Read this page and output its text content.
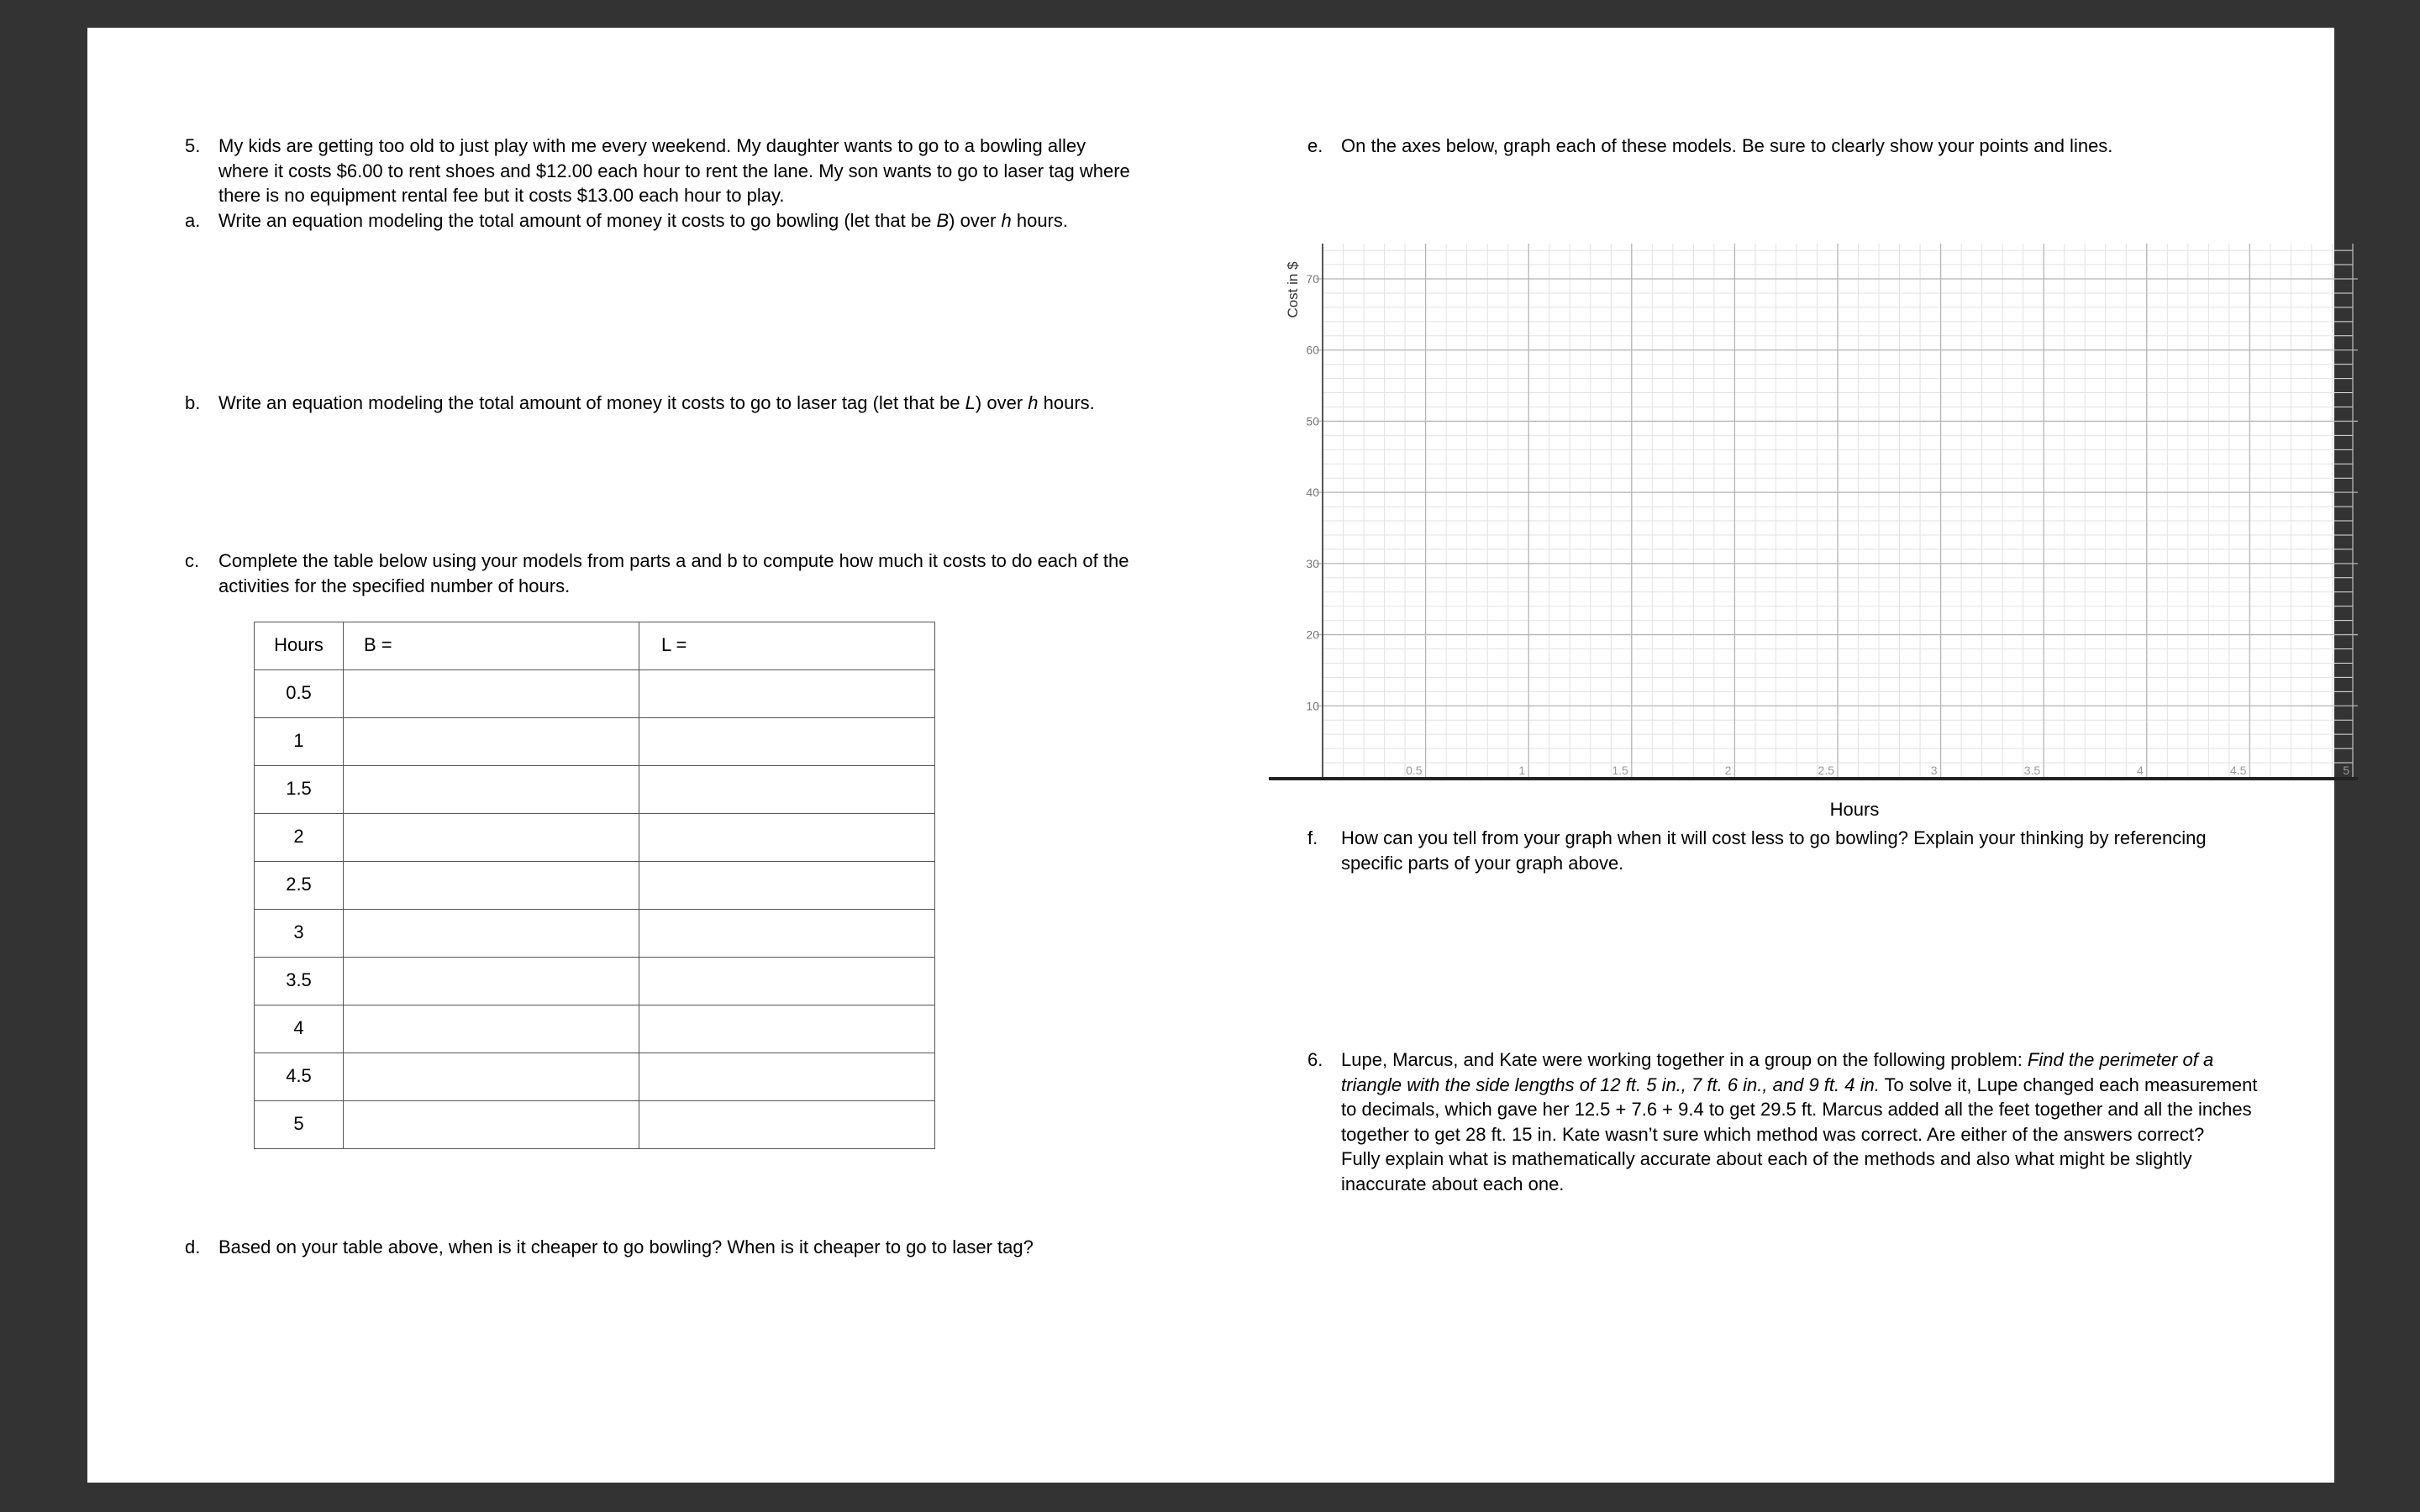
5. My kids are getting too old to just play with me every weekend. My daughter wants to go to a bowling alley
where it costs $6.00 to rent shoes and $12.00 each hour to rent the lane. My son wants to go to laser tag where
there is no equipment rental fee but it costs $13.00 each hour to play.
a. Write an equation modeling the total amount of money it costs to go bowling (let that be B) over h hours.
b. Write an equation modeling the total amount of money it costs to go to laser tag (let that be L) over h hours.
c.	Complete the table below using your models from parts a and b to compute how much it costs to do each of the
activities for the specified number of hours.
Hours	B =	L =

0.5		

1		

1.5		

2		

2.5		

3		

3.5		

4		

4.5		

5		

d. Based on your table above, when is it cheaper to go bowling? When is it cheaper to go to laser tag?
e. On the axes below, graph each of these models. Be sure to clearly show your points and lines.
10
20
30
40
50
60
70
0.5	1	1.5	2	2.5	3	3.5	4	4.5	5
Cost in $
Hours
f.	How can you tell from your graph when it will cost less to go bowling? Explain your thinking by referencing
specific parts of your graph above.
6. Lupe, Marcus, and Kate were working together in a group on the following problem: Find the perimeter of a
triangle with the side lengths of 12 ft. 5 in., 7 ft. 6 in., and 9 ft. 4 in. To solve it, Lupe changed each measurement
to decimals, which gave her 12.5 + 7.6 + 9.4 to get 29.5 ft. Marcus added all the feet together and all the inches
together to get 28 ft. 15 in. Kate wasn’t sure which method was correct. Are either of the answers correct?
Fully explain what is mathematically accurate about each of the methods and also what might be slightly
inaccurate about each one.
